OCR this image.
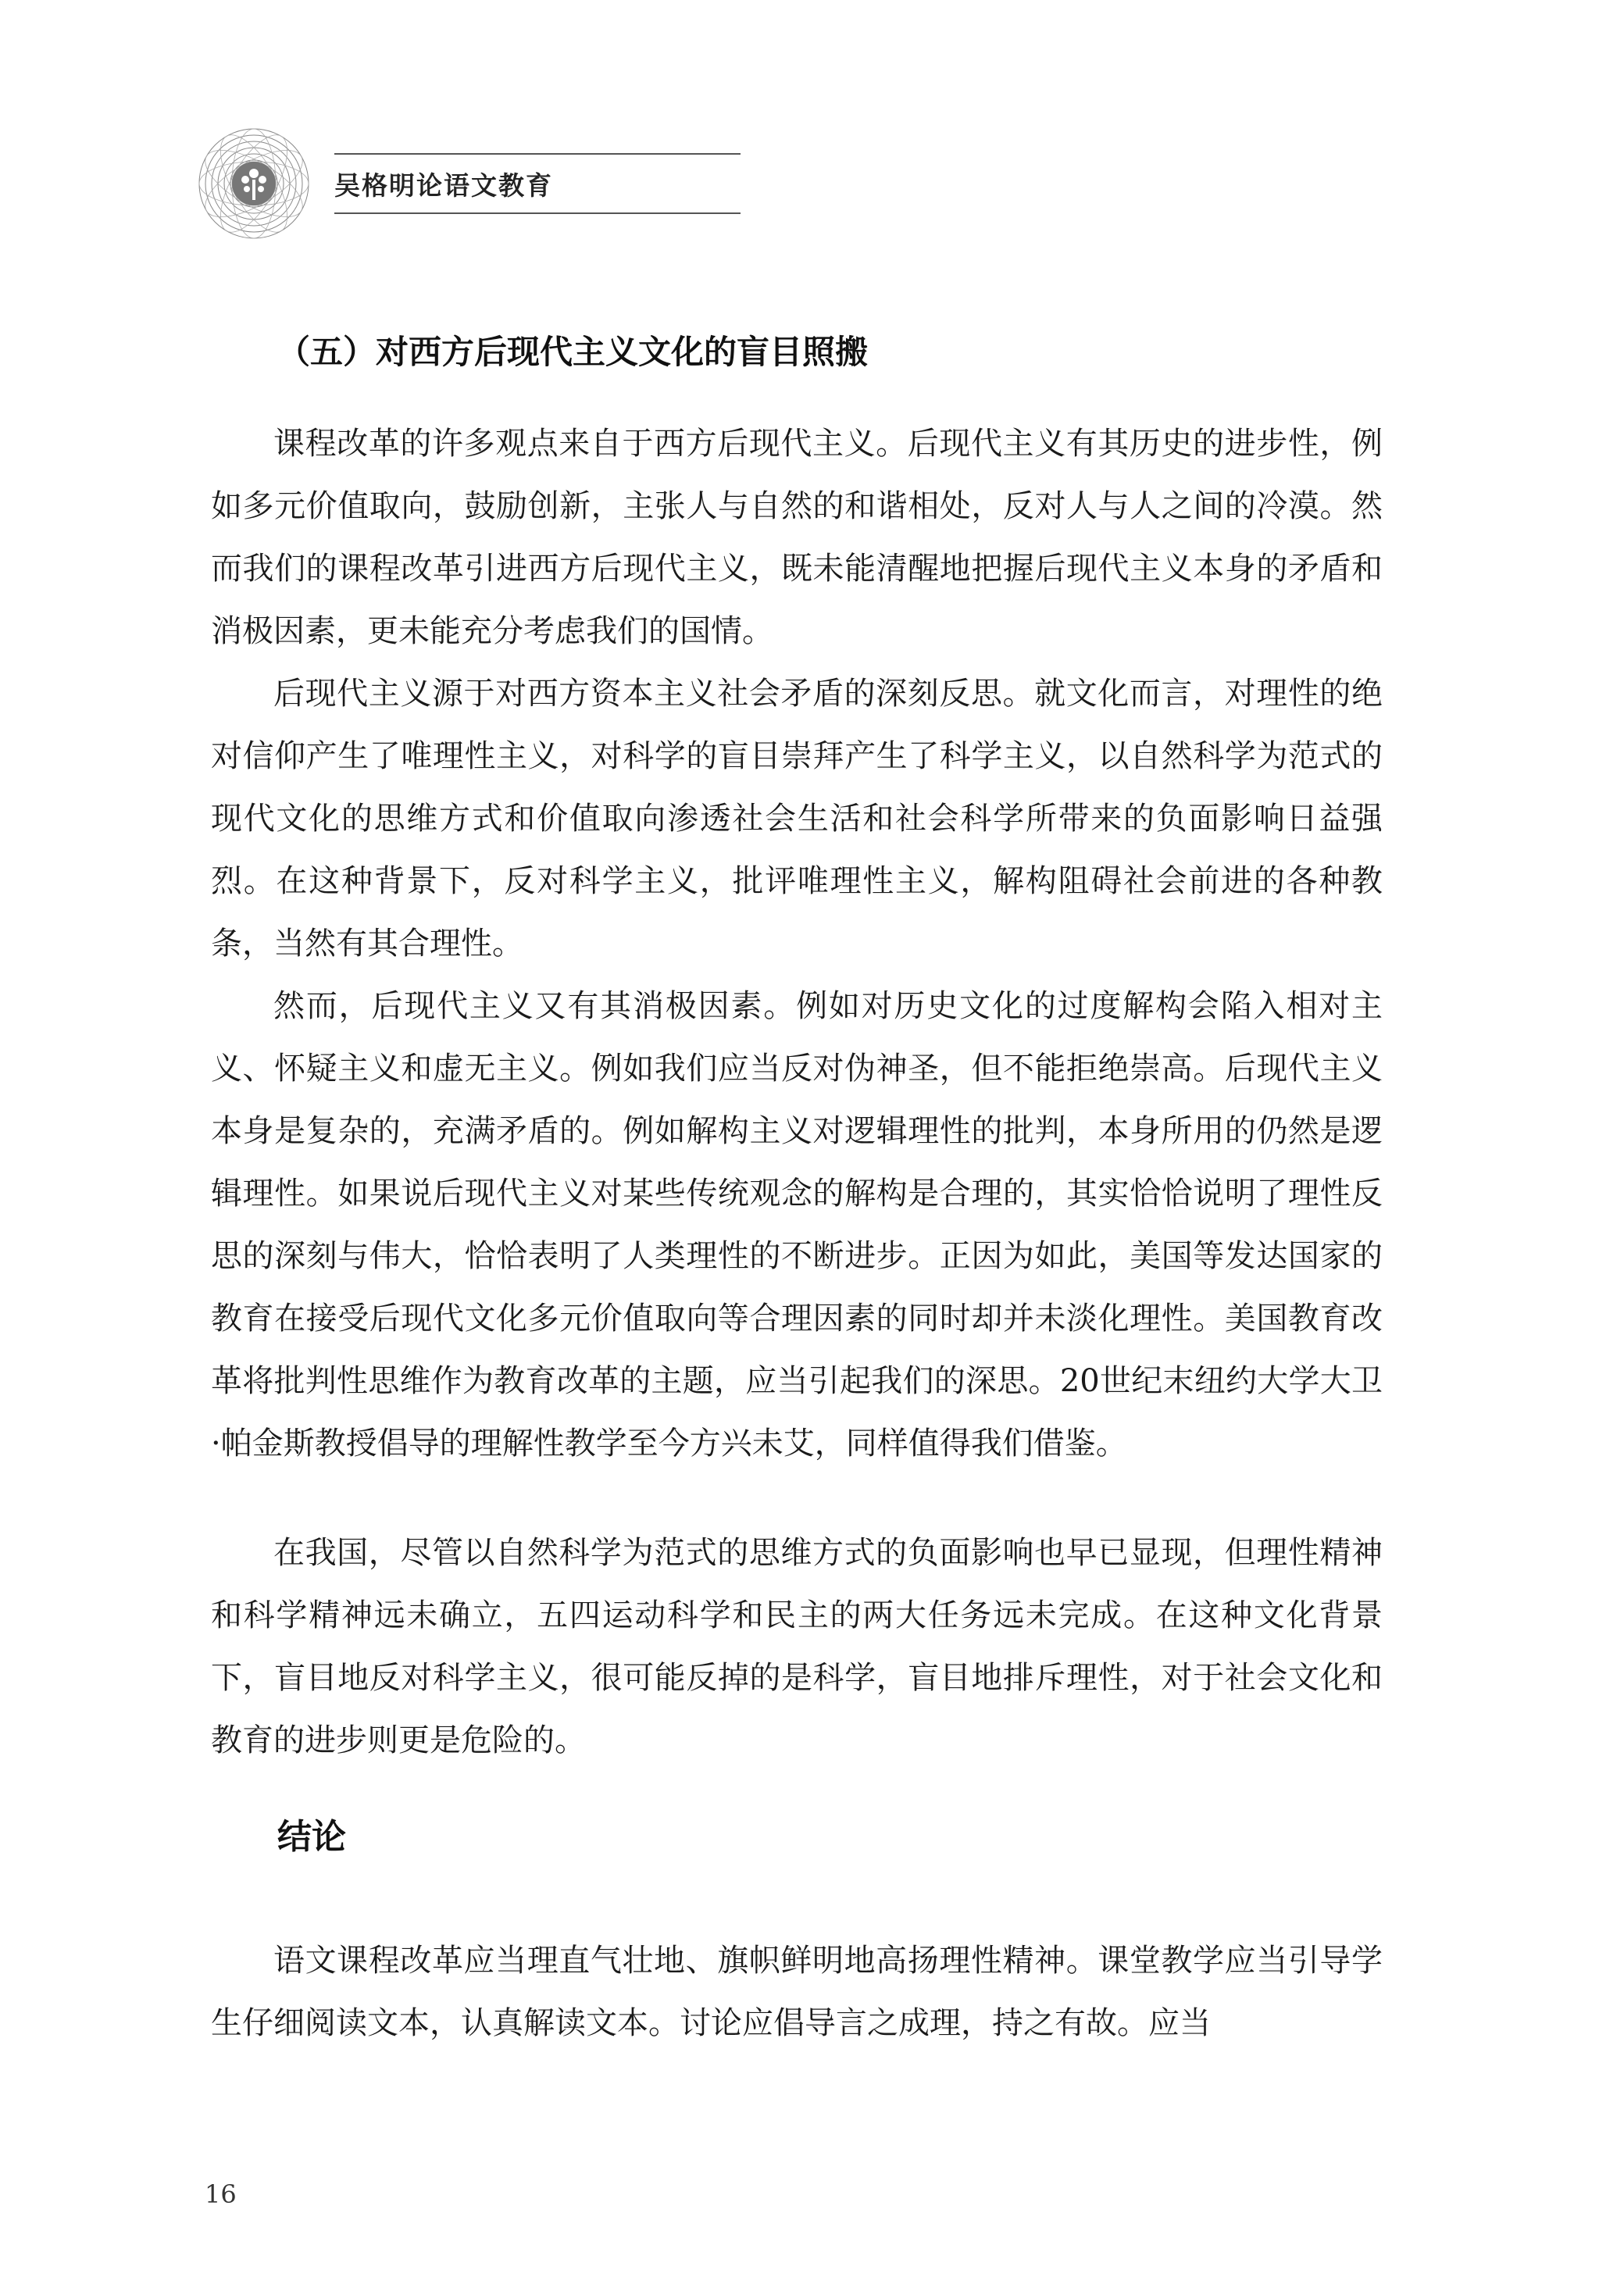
吴格明论语文教育
（五）对西方后现代主义文化的盲目照搬

课程改革的许多观点来自于西方后现代主义。后现代主义有其历史的进步性，例如多元价值取向，鼓励创新，主张人与自然的和谐相处，反对人与人之间的冷漠。然而我们的课程改革引进西方后现代主义，既未能清醒地把握后现代主义本身的矛盾和消极因素，更未能充分考虑我们的国情。

后现代主义源于对西方资本主义社会矛盾的深刻反思。就文化而言，对理性的绝对信仰产生了唯理性主义，对科学的盲目崇拜产生了科学主义，以自然科学为范式的现代文化的思维方式和价值取向渗透社会生活和社会科学所带来的负面影响日益强烈。在这种背景下，反对科学主义，批评唯理性主义，解构阻碍社会前进的各种教条，当然有其合理性。

然而，后现代主义又有其消极因素。例如对历史文化的过度解构会陷入相对主义、怀疑主义和虚无主义。例如我们应当反对伪神圣，但不能拒绝崇高。后现代主义本身是复杂的，充满矛盾的。例如解构主义对逻辑理性的批判，本身所用的仍然是逻辑理性。如果说后现代主义对某些传统观念的解构是合理的，其实恰恰说明了理性反思的深刻与伟大，恰恰表明了人类理性的不断进步。正因为如此，美国等发达国家的教育在接受后现代文化多元价值取向等合理因素的同时却并未淡化理性。美国教育改革将批判性思维作为教育改革的主题，应当引起我们的深思。20世纪末纽约大学大卫·帕金斯教授倡导的理解性教学至今方兴未艾，同样值得我们借鉴。

在我国，尽管以自然科学为范式的思维方式的负面影响也早已显现，但理性精神和科学精神远未确立，五四运动科学和民主的两大任务远未完成。在这种文化背景下，盲目地反对科学主义，很可能反掉的是科学，盲目地排斥理性，对于社会文化和教育的进步则更是危险的。

结论

语文课程改革应当理直气壮地、旗帜鲜明地高扬理性精神。课堂教学应当引导学生仔细阅读文本，认真解读文本。讨论应倡导言之成理，持之有故。应当

16
